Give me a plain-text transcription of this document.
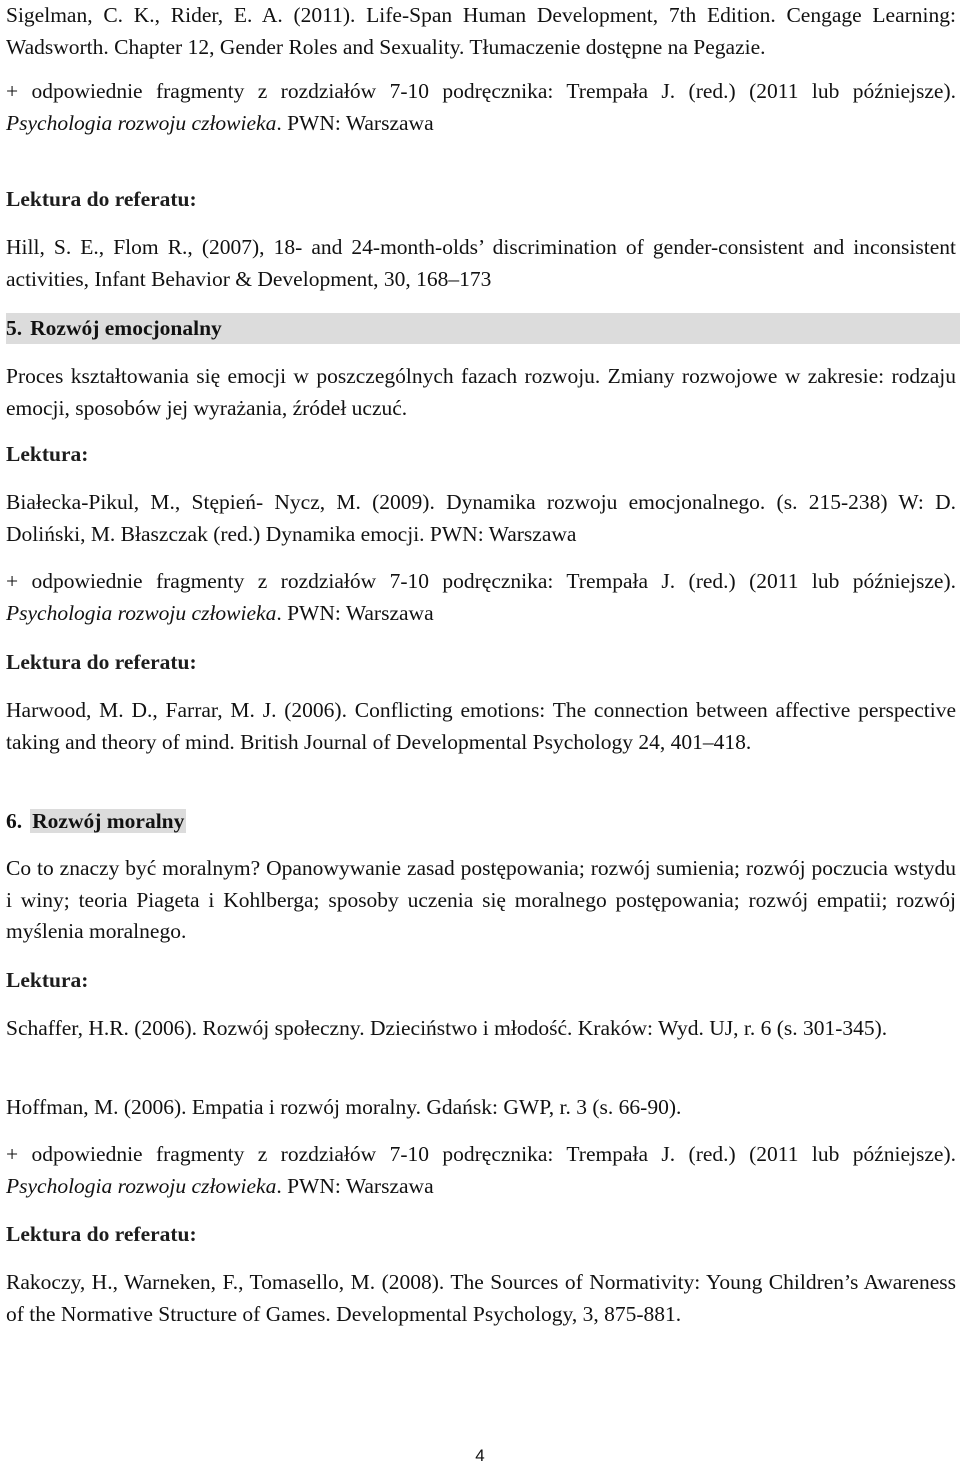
Sigelman, C. K., Rider, E. A. (2011). Life-Span Human Development, 7th Edition. Cengage Learning: Wadsworth. Chapter 12, Gender Roles and Sexuality. Tłumaczenie dostępne na Pegazie.

+ odpowiednie fragmenty z rozdziałów 7-10 podręcznika: Trempała J. (red.) (2011 lub późniejsze). Psychologia rozwoju człowieka. PWN: Warszawa

Lektura do referatu:

Hill, S. E., Flom R., (2007), 18- and 24-month-olds’ discrimination of gender-consistent and inconsistent activities, Infant Behavior & Development, 30, 168‒173

5. Rozwój emocjonalny

Proces kształtowania się emocji w poszczególnych fazach rozwoju. Zmiany rozwojowe w zakresie: rodzaju emocji, sposobów jej wyrażania, źródeł uczuć.

Lektura:

Białecka-Pikul, M., Stępień- Nycz, M. (2009). Dynamika rozwoju emocjonalnego. (s. 215-238) W: D. Doliński, M. Błaszczak (red.) Dynamika emocji. PWN: Warszawa

+ odpowiednie fragmenty z rozdziałów 7-10 podręcznika: Trempała J. (red.) (2011 lub późniejsze). Psychologia rozwoju człowieka. PWN: Warszawa

Lektura do referatu:

Harwood, M. D., Farrar, M. J. (2006). Conflicting emotions: The connection between affective perspective taking and theory of mind. British Journal of Developmental Psychology 24, 401‒418.

6. Rozwój moralny

Co to znaczy być moralnym? Opanowywanie zasad postępowania; rozwój sumienia; rozwój poczucia wstydu i winy; teoria Piageta i Kohlberga; sposoby uczenia się moralnego postępowania; rozwój empatii; rozwój myślenia moralnego.

Lektura:

Schaffer, H.R. (2006). Rozwój społeczny. Dzieciństwo i młodość. Kraków: Wyd. UJ, r. 6 (s. 301-345).

Hoffman, M. (2006). Empatia i rozwój moralny. Gdańsk: GWP, r. 3 (s. 66-90).

+ odpowiednie fragmenty z rozdziałów 7-10 podręcznika: Trempała J. (red.) (2011 lub późniejsze). Psychologia rozwoju człowieka. PWN: Warszawa

Lektura do referatu:

Rakoczy, H., Warneken, F., Tomasello, M. (2008). The Sources of Normativity: Young Children’s Awareness of the Normative Structure of Games. Developmental Psychology, 3, 875-881.

4
